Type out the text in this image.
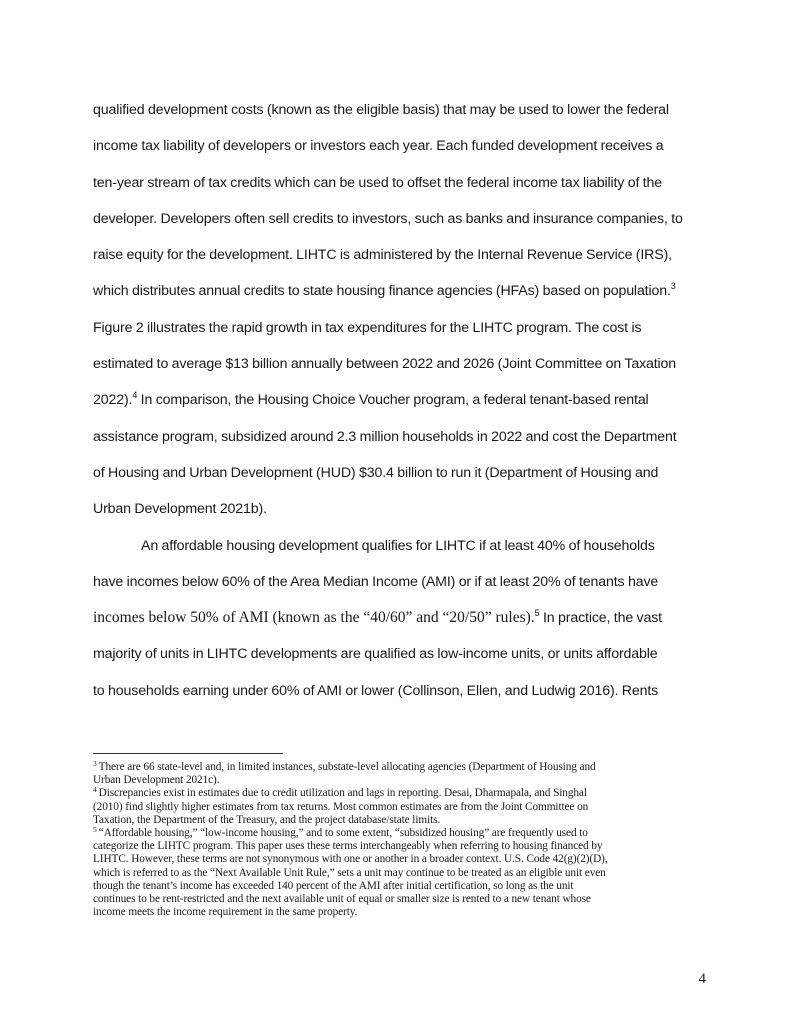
qualified development costs (known as the eligible basis) that may be used to lower the federal
income tax liability of developers or investors each year. Each funded development receives a
ten-year stream of tax credits which can be used to offset the federal income tax liability of the
developer. Developers often sell credits to investors, such as banks and insurance companies, to
raise equity for the development. LIHTC is administered by the Internal Revenue Service (IRS),
which distributes annual credits to state housing finance agencies (HFAs) based on population.$^3$
Figure 2 illustrates the rapid growth in tax expenditures for the LIHTC program. The cost is
estimated to average $13 billion annually between 2022 and 2026 (Joint Committee on Taxation
2022).$^4$ In comparison, the Housing Choice Voucher program, a federal tenant-based rental
assistance program, subsidized around 2.3 million households in 2022 and cost the Department
of Housing and Urban Development (HUD) $30.4 billion to run it (Department of Housing and
Urban Development 2021b).

An affordable housing development qualifies for LIHTC if at least 40% of households
have incomes below 60% of the Area Median Income (AMI) or if at least 20% of tenants have
incomes below 50% of AMI (known as the “40/60” and “20/50” rules).$^5$ In practice, the vast
majority of units in LIHTC developments are qualified as low-income units, or units affordable
to households earning under 60% of AMI or lower (Collinson, Ellen, and Ludwig 2016). Rents

$^3$ There are 66 state-level and, in limited instances, substate-level allocating agencies (Department of Housing and
Urban Development 2021c).

$^4$ Discrepancies exist in estimates due to credit utilization and lags in reporting. Desai, Dharmapala, and Singhal
(2010) find slightly higher estimates from tax returns. Most common estimates are from the Joint Committee on
Taxation, the Department of the Treasury, and the project database/state limits.

$^5$ “Affordable housing,” “low-income housing,” and to some extent, “subsidized housing” are frequently used to
categorize the LIHTC program. This paper uses these terms interchangeably when referring to housing financed by
LIHTC. However, these terms are not synonymous with one or another in a broader context. U.S. Code 42(g)(2)(D),
which is referred to as the “Next Available Unit Rule,” sets a unit may continue to be treated as an eligible unit even
though the tenant’s income has exceeded 140 percent of the AMI after initial certification, so long as the unit
continues to be rent-restricted and the next available unit of equal or smaller size is rented to a new tenant whose
income meets the income requirement in the same property.

4
